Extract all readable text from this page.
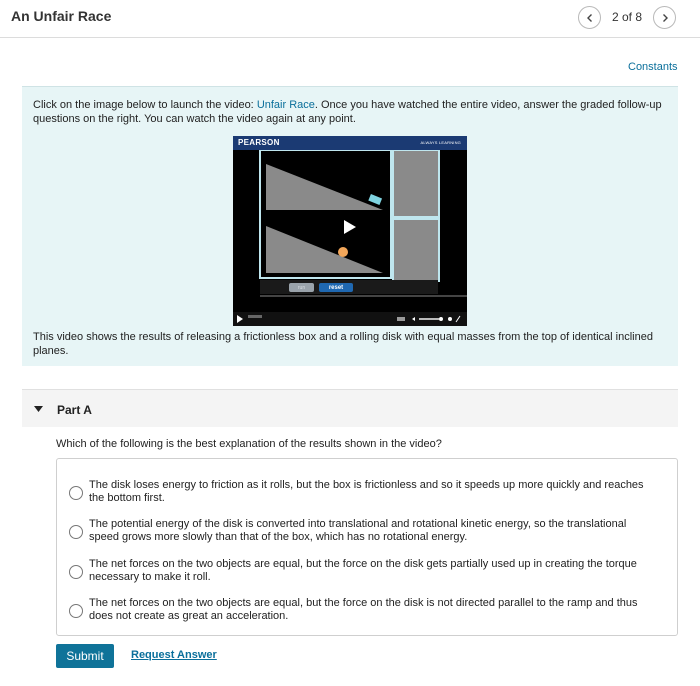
An Unfair Race	2 of 8
Constants
Click on the image below to launch the video: Unfair Race. Once you have watched the entire video, answer the graded follow-up questions on the right. You can watch the video again at any point.
PEARSON	ALWAYS LEARNING
run	reset
This video shows the results of releasing a frictionless box and a rolling disk with equal masses from the top of identical inclined planes.
Part A
Which of the following is the best explanation of the results shown in the video?
The disk loses energy to friction as it rolls, but the box is frictionless and so it speeds up more quickly and reaches the bottom first.
The potential energy of the disk is converted into translational and rotational kinetic energy, so the translational speed grows more slowly than that of the box, which has no rotational energy.
The net forces on the two objects are equal, but the force on the disk gets partially used up in creating the torque necessary to make it roll.
The net forces on the two objects are equal, but the force on the disk is not directed parallel to the ramp and thus does not create as great an acceleration.
Submit	Request Answer
